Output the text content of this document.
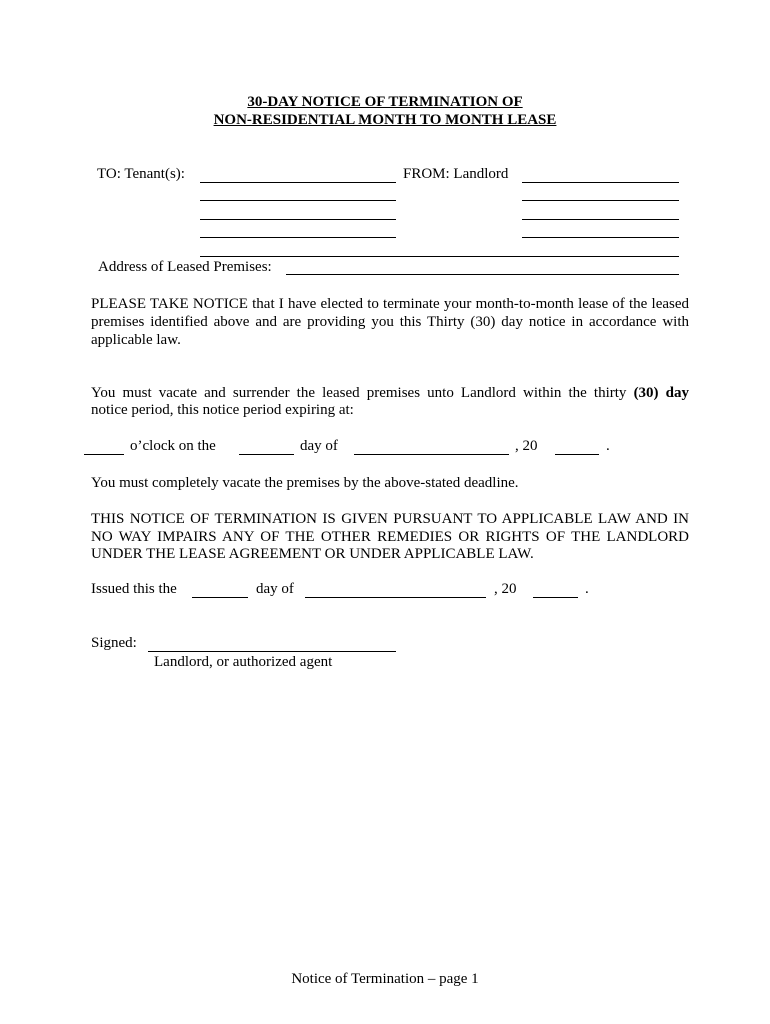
30-DAY NOTICE OF TERMINATION OF
NON-RESIDENTIAL MONTH TO MONTH LEASE
TO: Tenant(s):	FROM: Landlord
Address of Leased Premises:
PLEASE TAKE NOTICE that I have elected to terminate your month-to-month lease of the leased premises identified above and are providing you this Thirty (30) day notice in accordance with applicable law.
You must vacate and surrender the leased premises unto Landlord within the thirty (30) day
notice period, this notice period expiring at:
o’clock on the	day of	, 20	.
You must completely vacate the premises by the above-stated deadline.
THIS NOTICE OF TERMINATION IS GIVEN PURSUANT TO APPLICABLE LAW AND IN
NO WAY IMPAIRS ANY OF THE OTHER REMEDIES OR RIGHTS OF THE LANDLORD
UNDER THE LEASE AGREEMENT OR UNDER APPLICABLE LAW.
Issued this the	day of	, 20	.
Signed:
Landlord, or authorized agent
Notice of Termination – page 1
